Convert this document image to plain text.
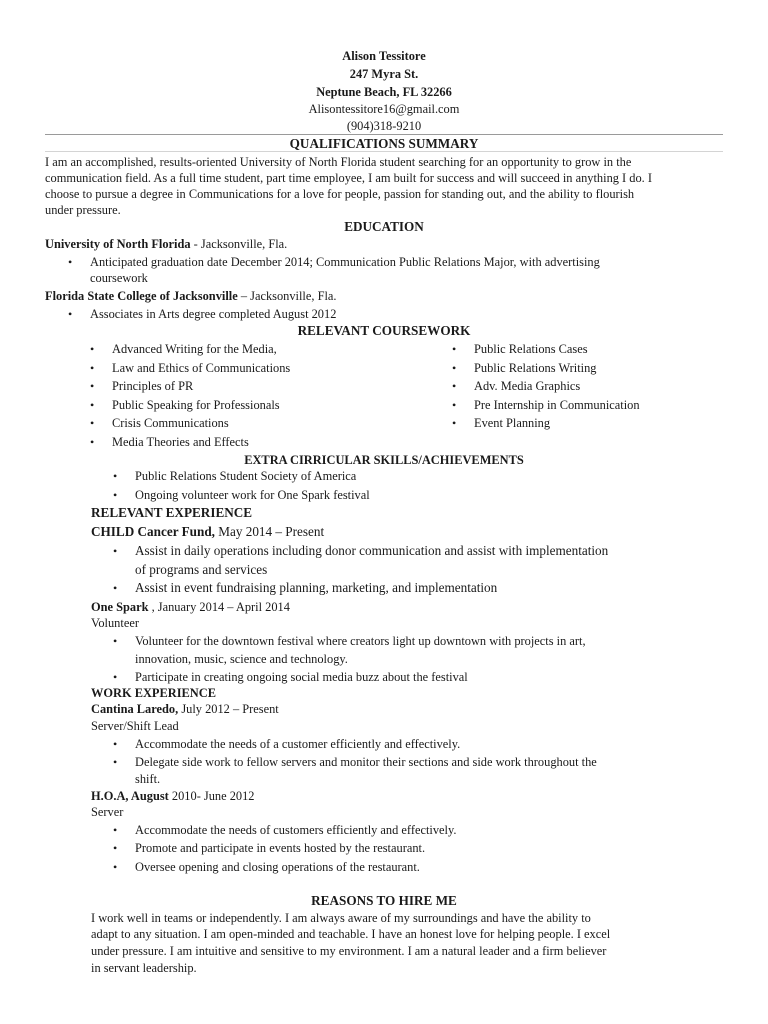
Alison Tessitore
247 Myra St.
Neptune Beach, FL 32266
Alisontessitore16@gmail.com
(904)318-9210
QUALIFICATIONS SUMMARY
I am an accomplished, results-oriented University of North Florida student searching for an opportunity to grow in the
communication field. As a full time student, part time employee, I am built for success and will succeed in anything I do. I
choose to pursue a degree in Communications for a love for people, passion for standing out, and the ability to flourish
under pressure.
EDUCATION
University of North Florida - Jacksonville, Fla.
• Anticipated graduation date December 2014; Communication Public Relations Major, with advertising
coursework
Florida State College of Jacksonville – Jacksonville, Fla.
• Associates in Arts degree completed August 2012
RELEVANT COURSEWORK
• Advanced Writing for the Media,
• Law and Ethics of Communications
• Principles of PR
• Public Speaking for Professionals
• Crisis Communications
• Media Theories and Effects
• Public Relations Cases
• Public Relations Writing
• Adv. Media Graphics
• Pre Internship in Communication
• Event Planning
EXTRA CIRRICULAR SKILLS/ACHIEVEMENTS
• Public Relations Student Society of America
• Ongoing volunteer work for One Spark festival
RELEVANT EXPERIENCE
CHILD Cancer Fund, May 2014 – Present
• Assist in daily operations including donor communication and assist with implementation
of programs and services
• Assist in event fundraising planning, marketing, and implementation
One Spark , January 2014 – April 2014
Volunteer
• Volunteer for the downtown festival where creators light up downtown with projects in art,
innovation, music, science and technology.
• Participate in creating ongoing social media buzz about the festival
WORK EXPERIENCE
Cantina Laredo, July 2012 – Present
Server/Shift Lead
• Accommodate the needs of a customer efficiently and effectively.
• Delegate side work to fellow servers and monitor their sections and side work throughout the
shift.
H.O.A, August 2010- June 2012
Server
• Accommodate the needs of customers efficiently and effectively.
• Promote and participate in events hosted by the restaurant.
• Oversee opening and closing operations of the restaurant.
REASONS TO HIRE ME
I work well in teams or independently. I am always aware of my surroundings and have the ability to
adapt to any situation. I am open-minded and teachable. I have an honest love for helping people. I excel
under pressure. I am intuitive and sensitive to my environment. I am a natural leader and a firm believer
in servant leadership.
